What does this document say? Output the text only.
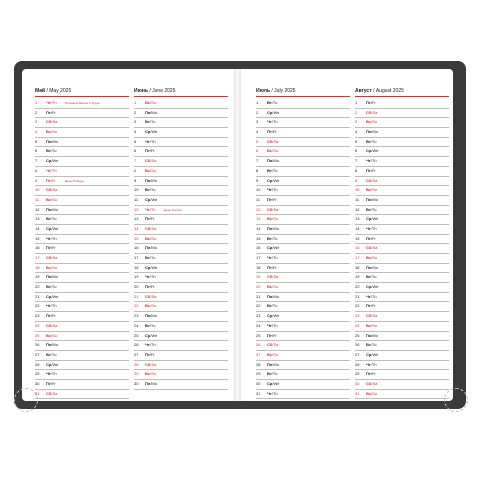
Май / May 2025
1	Чт/Th	Праздник Весны и Труда
2	Пт/Fr
3	Сб/Sa
4	Вс/Su
5	Пн/Mo
6	Вт/Tu
7	Ср/We
8	Чт/Th
9	Пт/Fr	День Победы
10	Сб/Sa
11	Вс/Su
12	Пн/Mo
13	Вт/Tu
14	Ср/We
15	Чт/Th
16	Пт/Fr
17	Сб/Sa
18	Вс/Su
19	Пн/Mo
20	Вт/Tu
21	Ср/We
22	Чт/Th
23	Пт/Fr
24	Сб/Sa
25	Вс/Su
26	Пн/Mo
27	Вт/Tu
28	Ср/We
29	Чт/Th
30	Пт/Fr
31	Сб/Sa
Июнь / June 2025
1	Вс/Su
2	Пн/Mo
3	Вт/Tu
4	Ср/We
5	Чт/Th
6	Пт/Fr
7	Сб/Sa
8	Вс/Su
9	Пн/Mo
10	Вт/Tu
11	Ср/We
12	Чт/Th	День России
13	Пт/Fr
14	Сб/Sa
15	Вс/Su
16	Пн/Mo
17	Вт/Tu
18	Ср/We
19	Чт/Th
20	Пт/Fr
21	Сб/Sa
22	Вс/Su
23	Пн/Mo
24	Вт/Tu
25	Ср/We
26	Чт/Th
27	Пт/Fr
28	Сб/Sa
29	Вс/Su
30	Пн/Mo
Июль / July 2025
1	Вт/Tu
2	Ср/We
3	Чт/Th
4	Пт/Fr
5	Сб/Sa
6	Вс/Su
7	Пн/Mo
8	Вт/Tu
9	Ср/We
10	Чт/Th
11	Пт/Fr
12	Сб/Sa
13	Вс/Su
14	Пн/Mo
15	Вт/Tu
16	Ср/We
17	Чт/Th
18	Пт/Fr
19	Сб/Sa
20	Вс/Su
21	Пн/Mo
22	Вт/Tu
23	Ср/We
24	Чт/Th
25	Пт/Fr
26	Сб/Sa
27	Вс/Su
28	Пн/Mo
29	Вт/Tu
30	Ср/We
31	Чт/Th
Август / August 2025
1	Пт/Fr
2	Сб/Sa
3	Вс/Su
4	Пн/Mo
5	Вт/Tu
6	Ср/We
7	Чт/Th
8	Пт/Fr
9	Сб/Sa
10	Вс/Su
11	Пн/Mo
12	Вт/Tu
13	Ср/We
14	Чт/Th
15	Пт/Fr
16	Сб/Sa
17	Вс/Su
18	Пн/Mo
19	Вт/Tu
20	Ср/We
21	Чт/Th
22	Пт/Fr
23	Сб/Sa
24	Вс/Su
25	Пн/Mo
26	Вт/Tu
27	Ср/We
28	Чт/Th
29	Пт/Fr
30	Сб/Sa
31	Вс/Su
